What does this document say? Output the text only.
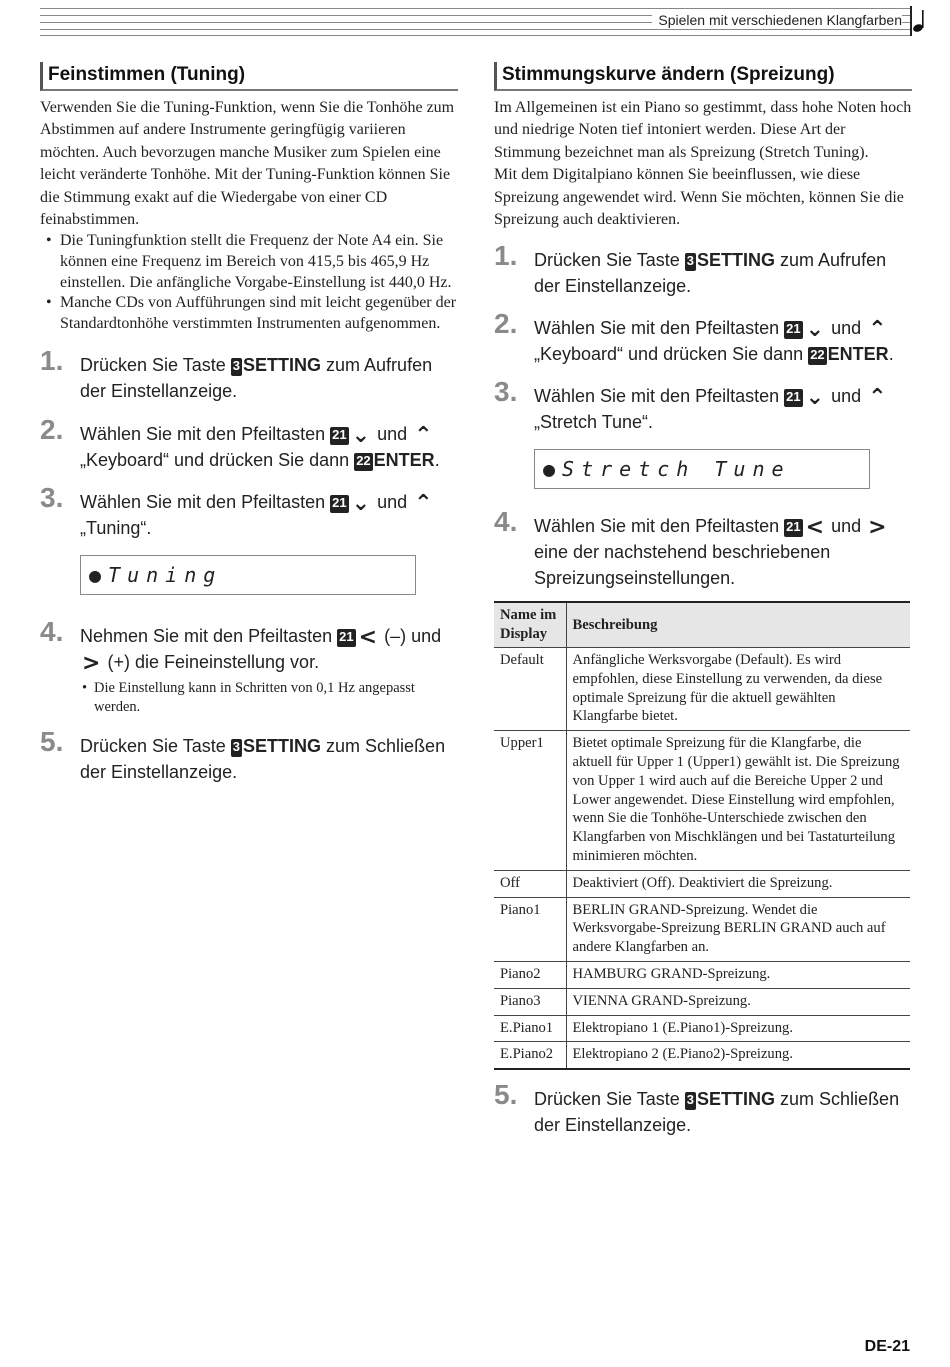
Spielen mit verschiedenen Klangfarben
Feinstimmen (Tuning)

Verwenden Sie die Tuning-Funktion, wenn Sie die Tonhöhe zum Abstimmen auf andere Instrumente geringfügig variieren möchten. Auch bevorzugen manche Musiker zum Spielen eine leicht veränderte Tonhöhe. Mit der Tuning-Funktion können Sie die Stimmung exakt auf die Wiedergabe von einer CD feinabstimmen.

• Die Tuningfunktion stellt die Frequenz der Note A4 ein. Sie können eine Frequenz im Bereich von 415,5 bis 465,9 Hz einstellen. Die anfängliche Vorgabe-Einstellung ist 440,0 Hz.
• Manche CDs von Aufführungen sind mit leicht gegenüber der Standardtonhöhe verstimmten Instrumenten aufgenommen.
1. Drücken Sie Taste 3 SETTING zum Aufrufen der Einstellanzeige.
2. Wählen Sie mit den Pfeiltasten 21 ⌄ und ⌃ „Keyboard“ und drücken Sie dann 22 ENTER.
3. Wählen Sie mit den Pfeiltasten 21 ⌄ und ⌃
„Tuning“.
●Tuning
4. Nehmen Sie mit den Pfeiltasten 21 < (–) und > (+) die Feineinstellung vor.
• Die Einstellung kann in Schritten von 0,1 Hz angepasst werden.
5. Drücken Sie Taste 3 SETTING zum Schließen der Einstellanzeige.
Stimmungskurve ändern (Spreizung)

Im Allgemeinen ist ein Piano so gestimmt, dass hohe Noten hoch und niedrige Noten tief intoniert werden. Diese Art der Stimmung bezeichnet man als Spreizung (Stretch Tuning).

Mit dem Digitalpiano können Sie beeinflussen, wie diese Spreizung angewendet wird. Wenn Sie möchten, können Sie die Spreizung auch deaktivieren.

1. Drücken Sie Taste 3 SETTING zum Aufrufen der Einstellanzeige.
2. Wählen Sie mit den Pfeiltasten 21 ⌄ und ⌃ „Keyboard“ und drücken Sie dann 22 ENTER.
3. Wählen Sie mit den Pfeiltasten 21 ⌄ und ⌃
„Stretch Tune“.
●Stretch Tune
4. Wählen Sie mit den Pfeiltasten 21 < und > eine der nachstehend beschriebenen Spreizungseinstellungen.
Name im Display	Beschreibung
Default	Anfängliche Werksvorgabe (Default). Es wird empfohlen, diese Einstellung zu verwenden, da diese optimale Spreizung für die aktuell gewählten Klangfarbe bietet.
Upper1	Bietet optimale Spreizung für die Klangfarbe, die aktuell für Upper 1 (Upper1) gewählt ist. Die Spreizung von Upper 1 wird auch auf die Bereiche Upper 2 und Lower angewendet. Diese Einstellung wird empfohlen, wenn Sie die Tonhöhe-Unterschiede zwischen den Klangfarben von Mischklängen und bei Tastaturteilung minimieren möchten.
Off	Deaktiviert (Off). Deaktiviert die Spreizung.
Piano1	BERLIN GRAND-Spreizung. Wendet die Werksvorgabe-Spreizung BERLIN GRAND auch auf andere Klangfarben an.
Piano2	HAMBURG GRAND-Spreizung.
Piano3	VIENNA GRAND-Spreizung.
E.Piano1	Elektropiano 1 (E.Piano1)-Spreizung.
E.Piano2	Elektropiano 2 (E.Piano2)-Spreizung.
5. Drücken Sie Taste 3 SETTING zum Schließen der Einstellanzeige.
DE-21
